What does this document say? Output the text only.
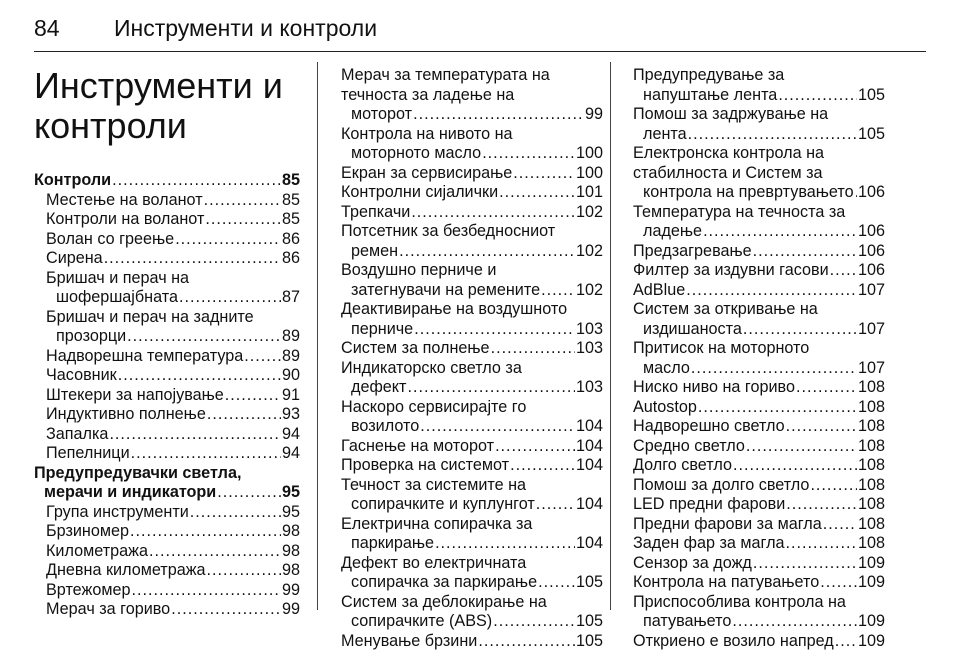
84 Инструменти и контроли
Инструменти и
контроли
Контроли .....	85
Местење на воланот .....	85
Контроли на воланот .....	85
Волан со греење .....	86
Сирена .....	86
Бришач и перач на
шофершајбната .....	87
Бришач и перач на задните
прозорци .....	89
Надворешна температура ..... 89
Часовник .....	90
Штекери за напојување .....	91
Индуктивно полнење .....	93
Запалка .....	94
Пепелници .....	94
Предупредувачки светла,
мерачи и индикатори .....	95
Група инструменти .....	95
Брзиномер .....	98
Километража .....	98
Дневна километража .....	98
Вртежомер .....	99
Мерач за гориво .....	99
Мерач за температурата на
течноста за ладење на
моторот .....	99
Контрола на нивото на
моторното масло .....	100
Екран за сервисирање .....	100
Контролни сијалички .....	101
Трепкачи .....	102
Потсетник за безбедносниот
ремен .....	102
Воздушно перниче и
затегнувачи на ремените ..... 102
Деактивирање на воздушното
перниче .....	103
Систем за полнење .....	103
Индикаторско светло за
дефект .....	103
Наскоро сервисирајте го
возилото .....	104
Гаснење на моторот .....	104
Проверка на системот .....	104
Течност за системите на
сопирачките и куплунгот .....	104
Електрична сопирачка за
паркирање .....	104
Дефект во електричната
сопирачка за паркирање ..... 105
Систем за деблокирање на
сопирачките (ABS) .....	105
Менување брзини .....	105
Предупредување за
напуштање лента .....	105
Помош за задржување на
лента .....	105
Електронска контрола на
стабилноста и Систем за
контрола на превртувањето ..... 106
Температура на течноста за
ладење .....	106
Предзагревање .....	106
Филтер за издувни гасови ..... 106
AdBlue .....	107
Систем за откривање на
издишаноста .....	107
Притисок на моторното
масло .....	107
Ниско ниво на гориво .....	108
Autostop .....	108
Надворешно светло .....	108
Средно светло .....	108
Долго светло .....	108
Помош за долго светло .....	108
LED предни фарови .....	108
Предни фарови за магла ..... 108
Заден фар за магла .....	108
Сензор за дожд .....	109
Контрола на патувањето ..... 109
Приспособлива контрола на
патувањето .....	109
Откриено е возило напред ..... 109
